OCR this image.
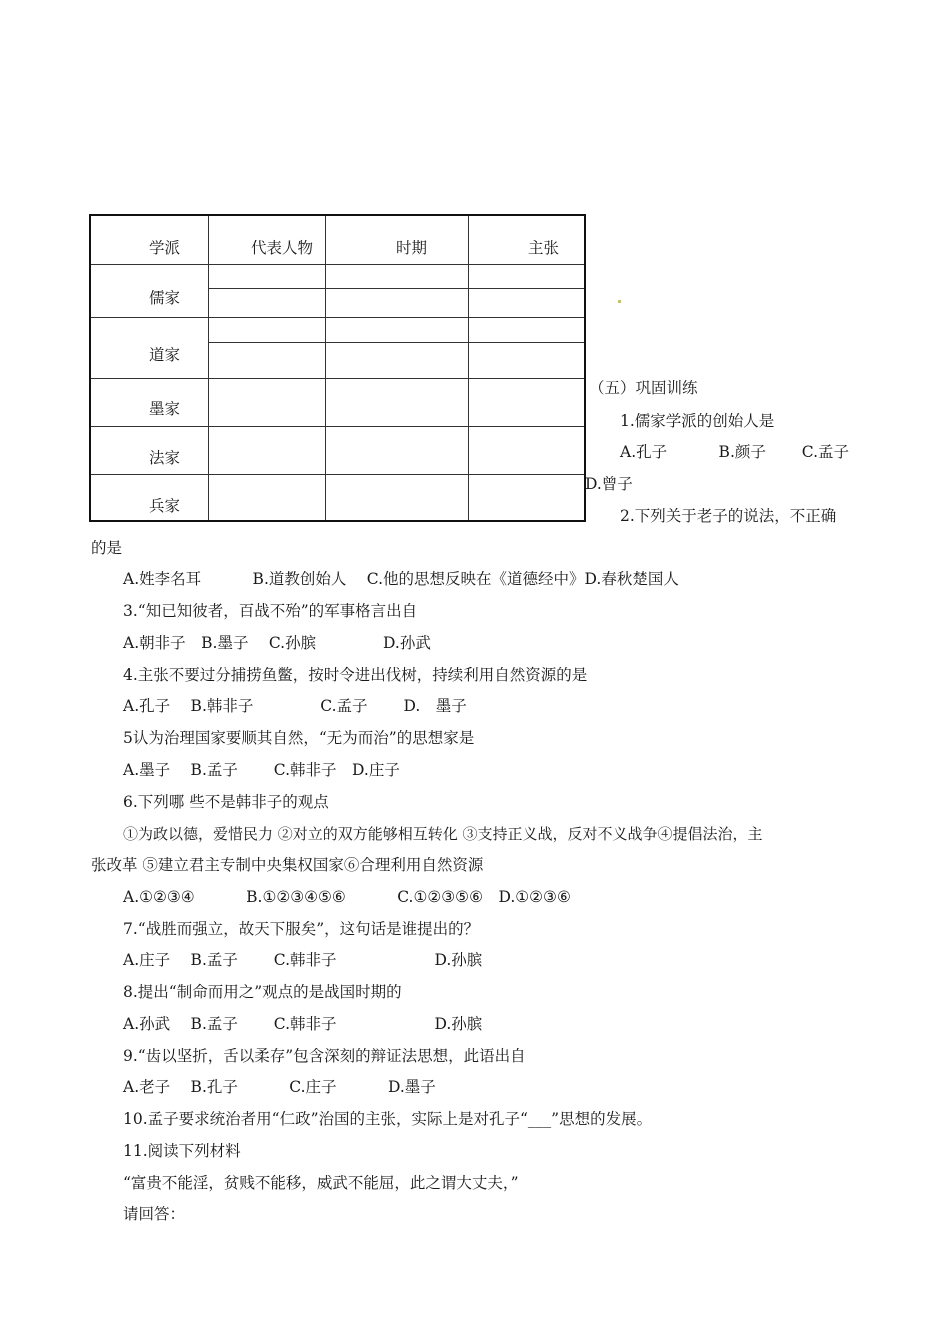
学派	代表人物	时期	主张
儒家
道家
墨家
法家
兵家
（五）巩固训练
1.儒家学派的创始人是
A.孔子　　　 B.颜子　　 C.孟子
D.曾子
2.下列关于老子的说法，不正确
的是
A.姓李名耳　　　 B.道教创始人　 C.他的思想反映在《道德经中》D.春秋楚国人
3.“知已知彼者，百战不殆”的军事格言出自
A.朝非子　B.墨子　 C.孙膑　　　　 D.孙武
4.主张不要过分捕捞鱼鳖，按时令进出伐树，持续利用自然资源的是
A.孔子　 B.韩非子　　　　 C.孟子　　 D.　墨子
5认为治理国家要顺其自然，“无为而治”的思想家是
A.墨子　 B.孟子　　 C.韩非子　D.庄子
6.下列哪 些不是韩非子的观点
①为政以德，爱惜民力 ②对立的双方能够相互转化 ③支持正义战，反对不义战争④提倡法治，主
张改革 ⑤建立君主专制中央集权国家⑥合理利用自然资源
A.①②③④　　　 B.①②③④⑤⑥　　　 C.①②③⑤⑥　D.①②③⑥
7.“战胜而强立，故天下服矣”，这句话是谁提出的？
A.庄子　 B.孟子　　 C.韩非子　　　　　　 D.孙膑
8.提出“制命而用之”观点的是战国时期的
A.孙武　 B.孟子　　 C.韩非子　　　　　　 D.孙膑
9.“齿以坚折，舌以柔存”包含深刻的辩证法思想，此语出自
A.老子　 B.孔子　　　 C.庄子　　　 D.墨子
10.孟子要求统治者用“仁政”治国的主张，实际上是对孔子“___”思想的发展。
11.阅读下列材料
“富贵不能淫，贫贱不能移，威武不能屈，此之谓大丈夫，”
请回答：
